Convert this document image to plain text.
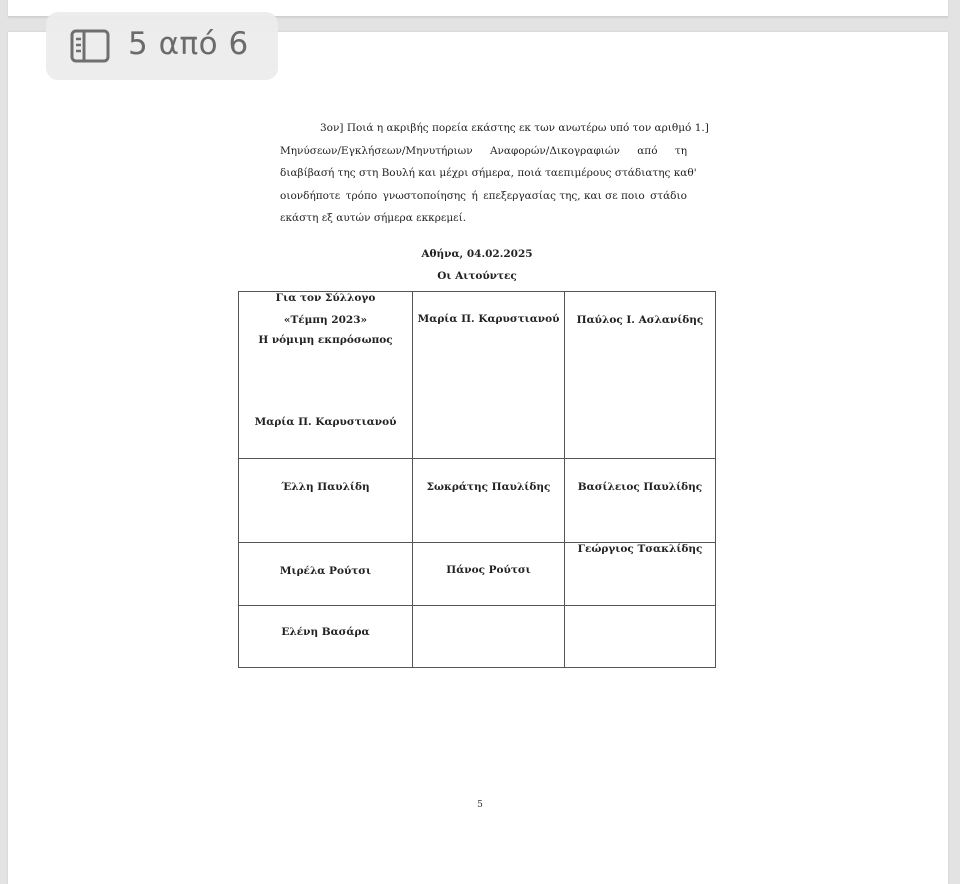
5 από 6
3ον] Ποιά η ακριβής πορεία εκάστης εκ των ανωτέρω υπό τον αριθμό 1.]
Μηνύσεων/Εγκλήσεων/Μηνυτήριων Αναφορών/Δικογραφιών από τη
διαβίβασή της στη Βουλή και μέχρι σήμερα, ποιά τα επιμέρους στάδια της καθ'
οιονδήποτε τρόπο γνωστοποίησης ή επεξεργασίας της, και σε ποιο στάδιο
εκάστη εξ αυτών σήμερα εκκρεμεί.
Αθήνα, 04.02.2025
Οι Αιτούντες
Για τον Σύλλογο
«Τέμπη 2023»
Η νόμιμη εκπρόσωπος
Μαρία Π. Καρυστιανού	Μαρία Π. Καρυστιανού	Παύλος Ι. Ασλανίδης

Έλλη Παυλίδη	Σωκράτης Παυλίδης	Βασίλειος Παυλίδης

Μιρέλα Ρούτσι	Πάνος Ρούτσι	Γεώργιος Τσακλίδης

Ελένη Βασάρα		

5
